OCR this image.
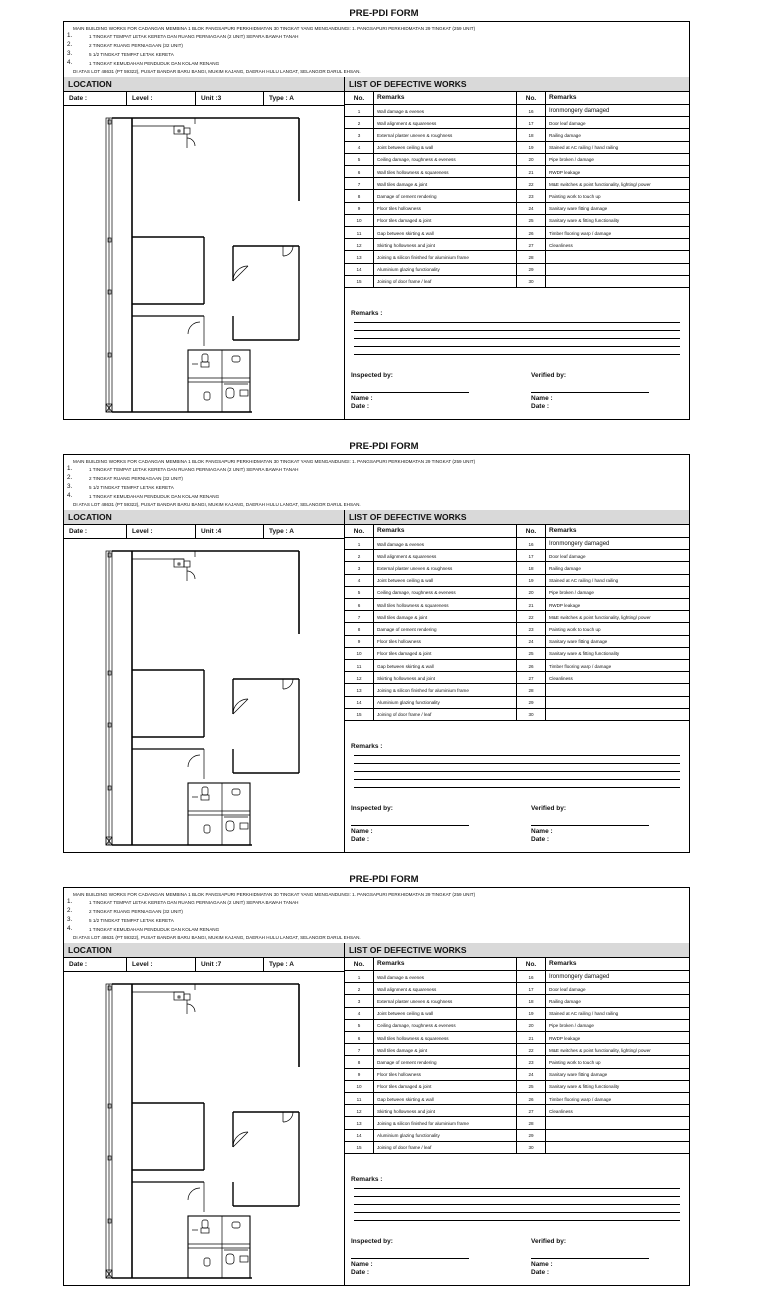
PRE-PDI FORM
MAIN BUILDING WORKS FOR CADANGAN MEMBINA 1 BLOK PANGSAPURI PERKHIDMATAN 30 TINGKAT YANG MENGANDUNGI: 1. PANGSAPURI PERKHIDMATAN 29 TINGKAT (259 UNIT)
1.	1 TINGKAT TEMPAT LETAK KERETA DAN RUANG PERNIAGAAN (2 UNIT) SEPARA BAWAH TANAH
2.	2 TINGKAT RUANG PERNIAGAAN (32 UNIT)
3.	5 1/2 TINGKAT TEMPAT LETAK KERETA
4.	1 TINGKAT KEMUDAHAN PENDUDUK DAN KOLAM RENANG
DI ATAS LOT 48631 (PT 59322), PUSAT BANDAR BARU BANGI, MUKIM KAJANG, DAERAH HULU LANGAT, SELANGOR DARUL EHSAN.
LOCATION	LIST OF DEFECTIVE WORKS
Date :	Level :	Unit :3	Type : A	No.	Remarks	No.	Remarks
1	Wall damage & evenes	16	Ironmongery damaged
2	Wall alignment & squareness	17	Door leaf damage
3	External plaster uneven & roughness	18	Railing damage
4	Joint between ceiling & wall	19	Stained at AC railing / hand railing
5	Ceiling damage, roughness & eveness	20	Pipe broken / damage
6	Wall tiles hollowness & squareness	21	RWDP leakage
7	Wall tiles damage & joint	22	M&E switches & point functionality, lighting/ power
8	Damage of cement rendering	23	Painting work to touch up
9	Floor tiles hollowness	24	Sanitary ware fitting damage
10	Floor tiles damaged & joint	25	Sanitary ware & fitting functionality
11	Gap between skirting & wall	26	Timber flooring warp / damage
12	Skirting hollowness and joint	27	Cleanliness
13	Joining & silicon finished for aluminium frame	28
14	Aluminium glazing functionality	29
15	Joining of door frame / leaf	30
Remarks :
Inspected by:	Verified by:
Name :
Date :
Name :
Date :
PRE-PDI FORM
MAIN BUILDING WORKS FOR CADANGAN MEMBINA 1 BLOK PANGSAPURI PERKHIDMATAN 30 TINGKAT YANG MENGANDUNGI: 1. PANGSAPURI PERKHIDMATAN 29 TINGKAT (259 UNIT)
1.	1 TINGKAT TEMPAT LETAK KERETA DAN RUANG PERNIAGAAN (2 UNIT) SEPARA BAWAH TANAH
2.	2 TINGKAT RUANG PERNIAGAAN (32 UNIT)
3.	5 1/2 TINGKAT TEMPAT LETAK KERETA
4.	1 TINGKAT KEMUDAHAN PENDUDUK DAN KOLAM RENANG
DI ATAS LOT 48631 (PT 59322), PUSAT BANDAR BARU BANGI, MUKIM KAJANG, DAERAH HULU LANGAT, SELANGOR DARUL EHSAN.
LOCATION	LIST OF DEFECTIVE WORKS
Date :	Level :	Unit :4	Type : A	No.	Remarks	No.	Remarks
1	Wall damage & evenes	16	Ironmongery damaged
2	Wall alignment & squareness	17	Door leaf damage
3	External plaster uneven & roughness	18	Railing damage
4	Joint between ceiling & wall	19	Stained at AC railing / hand railing
5	Ceiling damage, roughness & eveness	20	Pipe broken / damage
6	Wall tiles hollowness & squareness	21	RWDP leakage
7	Wall tiles damage & joint	22	M&E switches & point functionality, lighting/ power
8	Damage of cement rendering	23	Painting work to touch up
9	Floor tiles hollowness	24	Sanitary ware fitting damage
10	Floor tiles damaged & joint	25	Sanitary ware & fitting functionality
11	Gap between skirting & wall	26	Timber flooring warp / damage
12	Skirting hollowness and joint	27	Cleanliness
13	Joining & silicon finished for aluminium frame	28
14	Aluminium glazing functionality	29
15	Joining of door frame / leaf	30
Remarks :
Inspected by:	Verified by:
Name :
Date :
Name :
Date :
PRE-PDI FORM
MAIN BUILDING WORKS FOR CADANGAN MEMBINA 1 BLOK PANGSAPURI PERKHIDMATAN 30 TINGKAT YANG MENGANDUNGI: 1. PANGSAPURI PERKHIDMATAN 29 TINGKAT (259 UNIT)
1.	1 TINGKAT TEMPAT LETAK KERETA DAN RUANG PERNIAGAAN (2 UNIT) SEPARA BAWAH TANAH
2.	2 TINGKAT RUANG PERNIAGAAN (32 UNIT)
3.	5 1/2 TINGKAT TEMPAT LETAK KERETA
4.	1 TINGKAT KEMUDAHAN PENDUDUK DAN KOLAM RENANG
DI ATAS LOT 48631 (PT 59322), PUSAT BANDAR BARU BANGI, MUKIM KAJANG, DAERAH HULU LANGAT, SELANGOR DARUL EHSAN.
LOCATION	LIST OF DEFECTIVE WORKS
Date :	Level :	Unit :7	Type : A	No.	Remarks	No.	Remarks
1	Wall damage & evenes	16	Ironmongery damaged
2	Wall alignment & squareness	17	Door leaf damage
3	External plaster uneven & roughness	18	Railing damage
4	Joint between ceiling & wall	19	Stained at AC railing / hand railing
5	Ceiling damage, roughness & eveness	20	Pipe broken / damage
6	Wall tiles hollowness & squareness	21	RWDP leakage
7	Wall tiles damage & joint	22	M&E switches & point functionality, lighting/ power
8	Damage of cement rendering	23	Painting work to touch up
9	Floor tiles hollowness	24	Sanitary ware fitting damage
10	Floor tiles damaged & joint	25	Sanitary ware & fitting functionality
11	Gap between skirting & wall	26	Timber flooring warp / damage
12	Skirting hollowness and joint	27	Cleanliness
13	Joining & silicon finished for aluminium frame	28
14	Aluminium glazing functionality	29
15	Joining of door frame / leaf	30
Remarks :
Inspected by:	Verified by:
Name :
Date :
Name :
Date :
